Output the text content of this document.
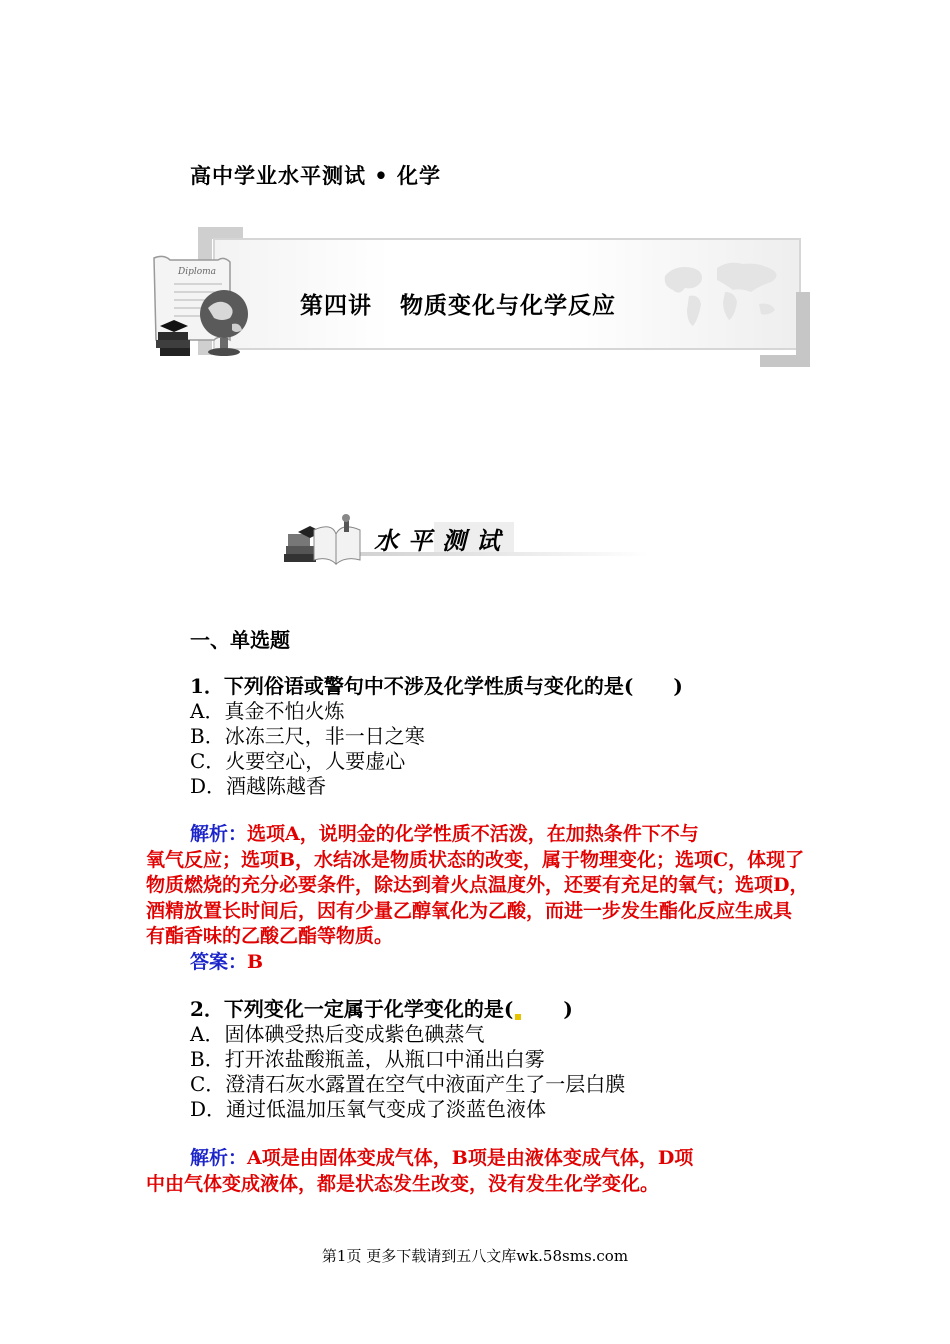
高中学业水平测试 • 化学
Diploma
第四讲 物质变化与化学反应
水平测试
一、单选题
1．下列俗语或警句中不涉及化学性质与变化的是(　　)
A．真金不怕火炼
B．冰冻三尺，非一日之寒
C．火要空心，人要虚心
D．酒越陈越香
解析：选项A，说明金的化学性质不活泼，在加热条件下不与
氧气反应；选项B，水结冰是物质状态的改变，属于物理变化；选项C，体现了物质燃烧的充分必要条件，除达到着火点温度外，还要有充足的氧气；选项D，酒精放置长时间后，因有少量乙醇氧化为乙酸，而进一步发生酯化反应生成具有酯香味的乙酸乙酯等物质。
答案：B
2．下列变化一定属于化学变化的是(　　)
A．固体碘受热后变成紫色碘蒸气
B．打开浓盐酸瓶盖，从瓶口中涌出白雾
C．澄清石灰水露置在空气中液面产生了一层白膜
D．通过低温加压氧气变成了淡蓝色液体
解析：A项是由固体变成气体，B项是由液体变成气体，D项
中由气体变成液体，都是状态发生改变，没有发生化学变化。
第1页 更多下载请到五八文库wk.58sms.com
